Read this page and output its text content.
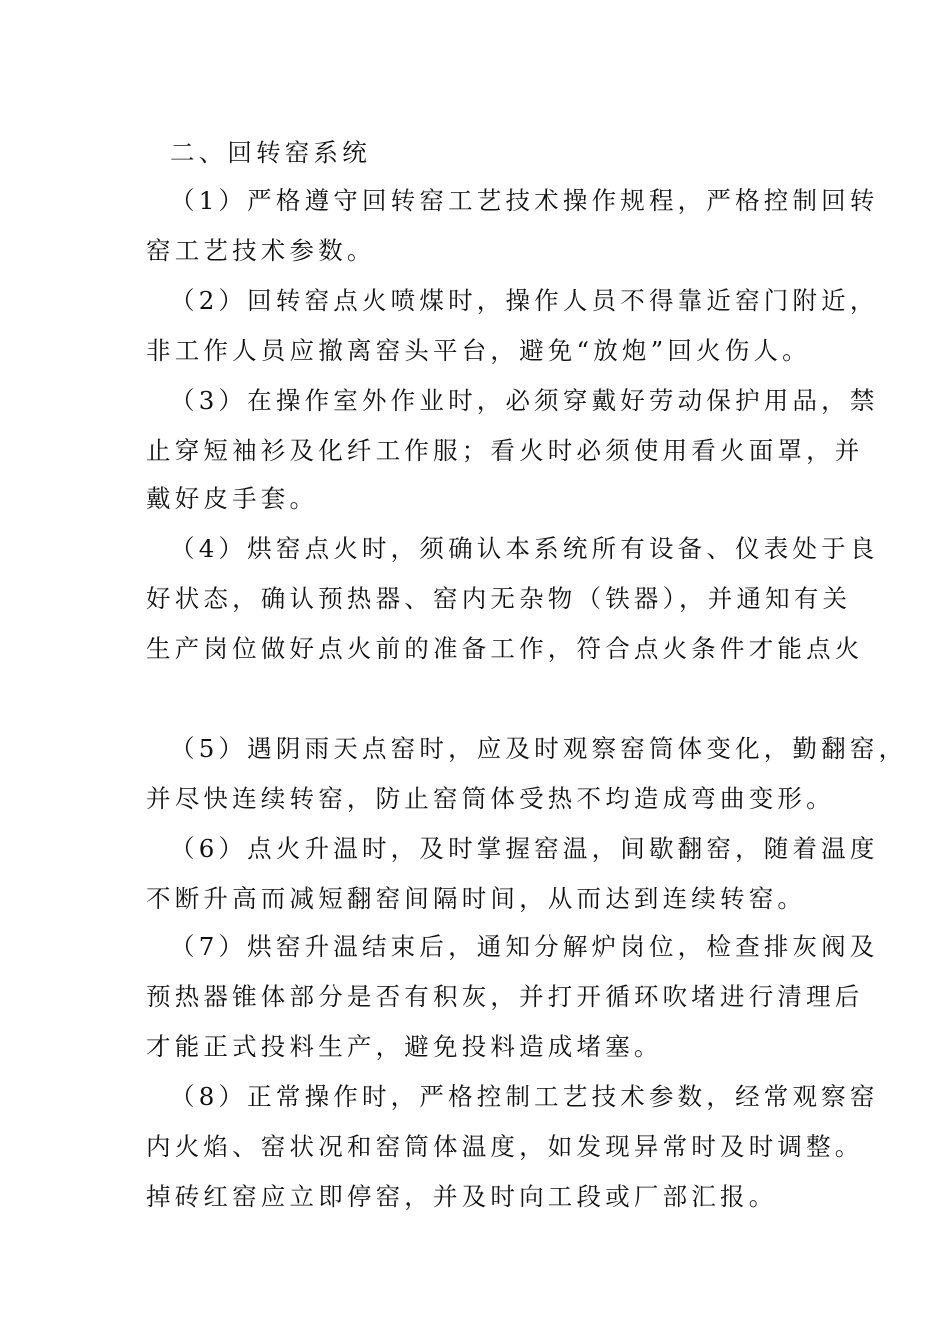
二、回转窑系统
（1）严格遵守回转窑工艺技术操作规程，严格控制回转
窑工艺技术参数。
（2）回转窑点火喷煤时，操作人员不得靠近窑门附近，
非工作人员应撤离窑头平台，避免“放炮”回火伤人。
（3）在操作室外作业时，必须穿戴好劳动保护用品，禁
止穿短袖衫及化纤工作服；看火时必须使用看火面罩，并
戴好皮手套。
（4）烘窑点火时，须确认本系统所有设备、仪表处于良
好状态，确认预热器、窑内无杂物（铁器），并通知有关
生产岗位做好点火前的准备工作，符合点火条件才能点火
（5）遇阴雨天点窑时，应及时观察窑筒体变化，勤翻窑，
并尽快连续转窑，防止窑筒体受热不均造成弯曲变形。
（6）点火升温时，及时掌握窑温，间歇翻窑，随着温度
不断升高而减短翻窑间隔时间，从而达到连续转窑。
（7）烘窑升温结束后，通知分解炉岗位，检查排灰阀及
预热器锥体部分是否有积灰，并打开循环吹堵进行清理后
才能正式投料生产，避免投料造成堵塞。
（8）正常操作时，严格控制工艺技术参数，经常观察窑
内火焰、窑状况和窑筒体温度，如发现异常时及时调整。
掉砖红窑应立即停窑，并及时向工段或厂部汇报。
